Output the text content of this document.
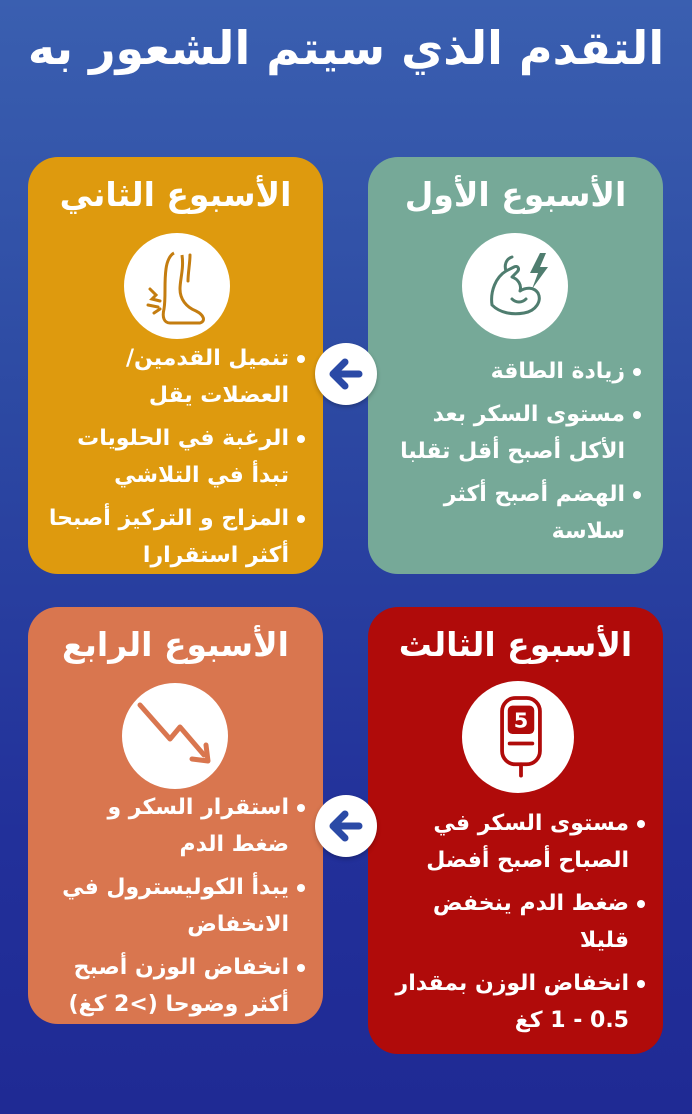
التقدم الذي سيتم الشعور به
الأسبوع الأول
زيادة الطاقة
مستوى السكر بعد الأكل أصبح أقل تقلبا
الهضم أصبح أكثر سلاسة
الأسبوع الثاني
تنميل القدمين/العضلات يقل
الرغبة في الحلويات تبدأ في التلاشي
المزاج و التركيز أصبحا أكثر استقرارا
الأسبوع الثالث
5
مستوى السكر في الصباح أصبح أفضل
ضغط الدم ينخفض قليلا
انخفاض الوزن بمقدار 0.5 - 1 كغ
الأسبوع الرابع
استقرار السكر و ضغط الدم
يبدأ الكوليسترول في الانخفاض
انخفاض الوزن أصبح أكثر وضوحا (>2 كغ)
